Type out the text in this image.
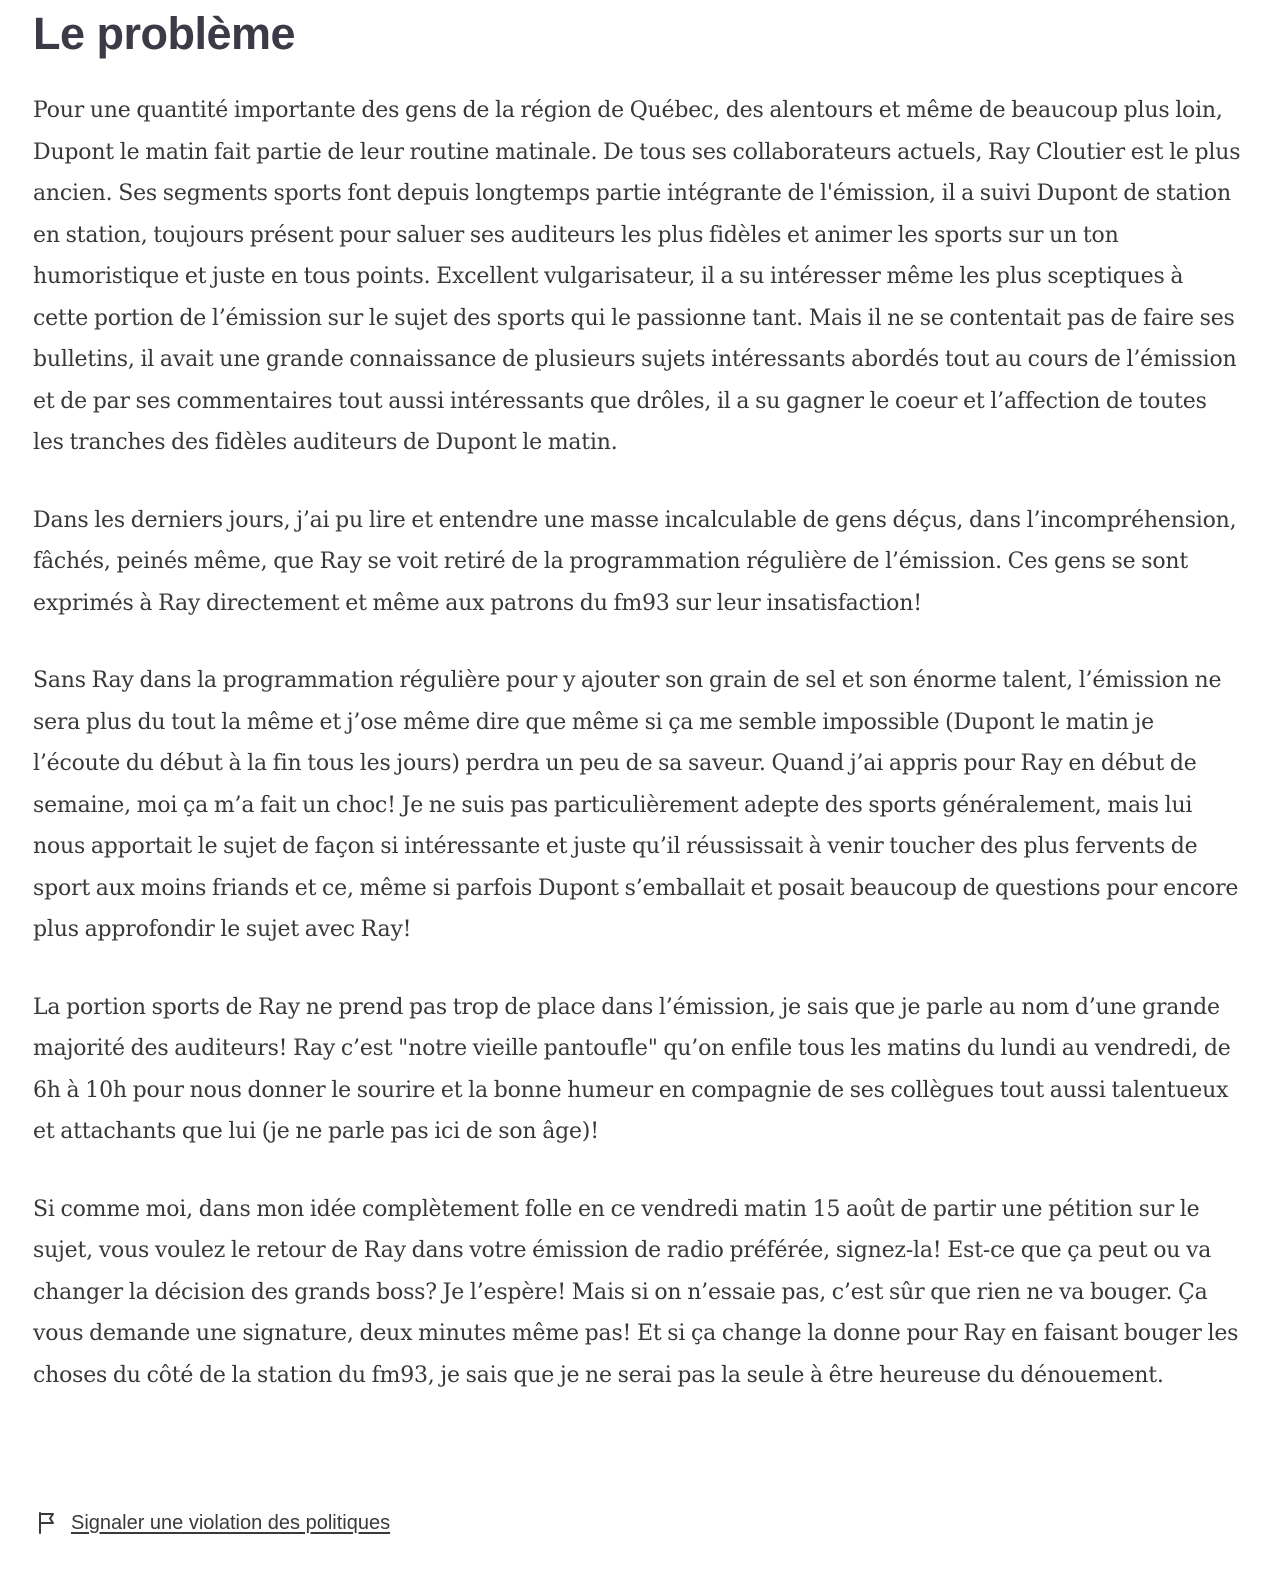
Le problème

Pour une quantité importante des gens de la région de Québec, des alentours et même de beaucoup plus loin, Dupont le matin fait partie de leur routine matinale. De tous ses collaborateurs actuels, Ray Cloutier est le plus ancien. Ses segments sports font depuis longtemps partie intégrante de l'émission, il a suivi Dupont de station en station, toujours présent pour saluer ses auditeurs les plus fidèles et animer les sports sur un ton humoristique et juste en tous points. Excellent vulgarisateur, il a su intéresser même les plus sceptiques à cette portion de l’émission sur le sujet des sports qui le passionne tant. Mais il ne se contentait pas de faire ses bulletins, il avait une grande connaissance de plusieurs sujets intéressants abordés tout au cours de l’émission et de par ses commentaires tout aussi intéressants que drôles, il a su gagner le coeur et l’affection de toutes les tranches des fidèles auditeurs de Dupont le matin.

Dans les derniers jours, j’ai pu lire et entendre une masse incalculable de gens déçus, dans l’incompréhension, fâchés, peinés même, que Ray se voit retiré de la programmation régulière de l’émission. Ces gens se sont exprimés à Ray directement et même aux patrons du fm93 sur leur insatisfaction!

Sans Ray dans la programmation régulière pour y ajouter son grain de sel et son énorme talent, l’émission ne sera plus du tout la même et j’ose même dire que même si ça me semble impossible (Dupont le matin je l’écoute du début à la fin tous les jours) perdra un peu de sa saveur. Quand j’ai appris pour Ray en début de semaine, moi ça m’a fait un choc! Je ne suis pas particulièrement adepte des sports généralement, mais lui nous apportait le sujet de façon si intéressante et juste qu’il réussissait à venir toucher des plus fervents de sport aux moins friands et ce, même si parfois Dupont s’emballait et posait beaucoup de questions pour encore plus approfondir le sujet avec Ray!

La portion sports de Ray ne prend pas trop de place dans l’émission, je sais que je parle au nom d’une grande majorité des auditeurs! Ray c’est "notre vieille pantoufle" qu’on enfile tous les matins du lundi au vendredi, de 6h à 10h pour nous donner le sourire et la bonne humeur en compagnie de ses collègues tout aussi talentueux et attachants que lui (je ne parle pas ici de son âge)!

Si comme moi, dans mon idée complètement folle en ce vendredi matin 15 août de partir une pétition sur le sujet, vous voulez le retour de Ray dans votre émission de radio préférée, signez-la! Est-ce que ça peut ou va changer la décision des grands boss? Je l’espère! Mais si on n’essaie pas, c’est sûr que rien ne va bouger. Ça vous demande une signature, deux minutes même pas! Et si ça change la donne pour Ray en faisant bouger les choses du côté de la station du fm93, je sais que je ne serai pas la seule à être heureuse du dénouement.

Signaler une violation des politiques
